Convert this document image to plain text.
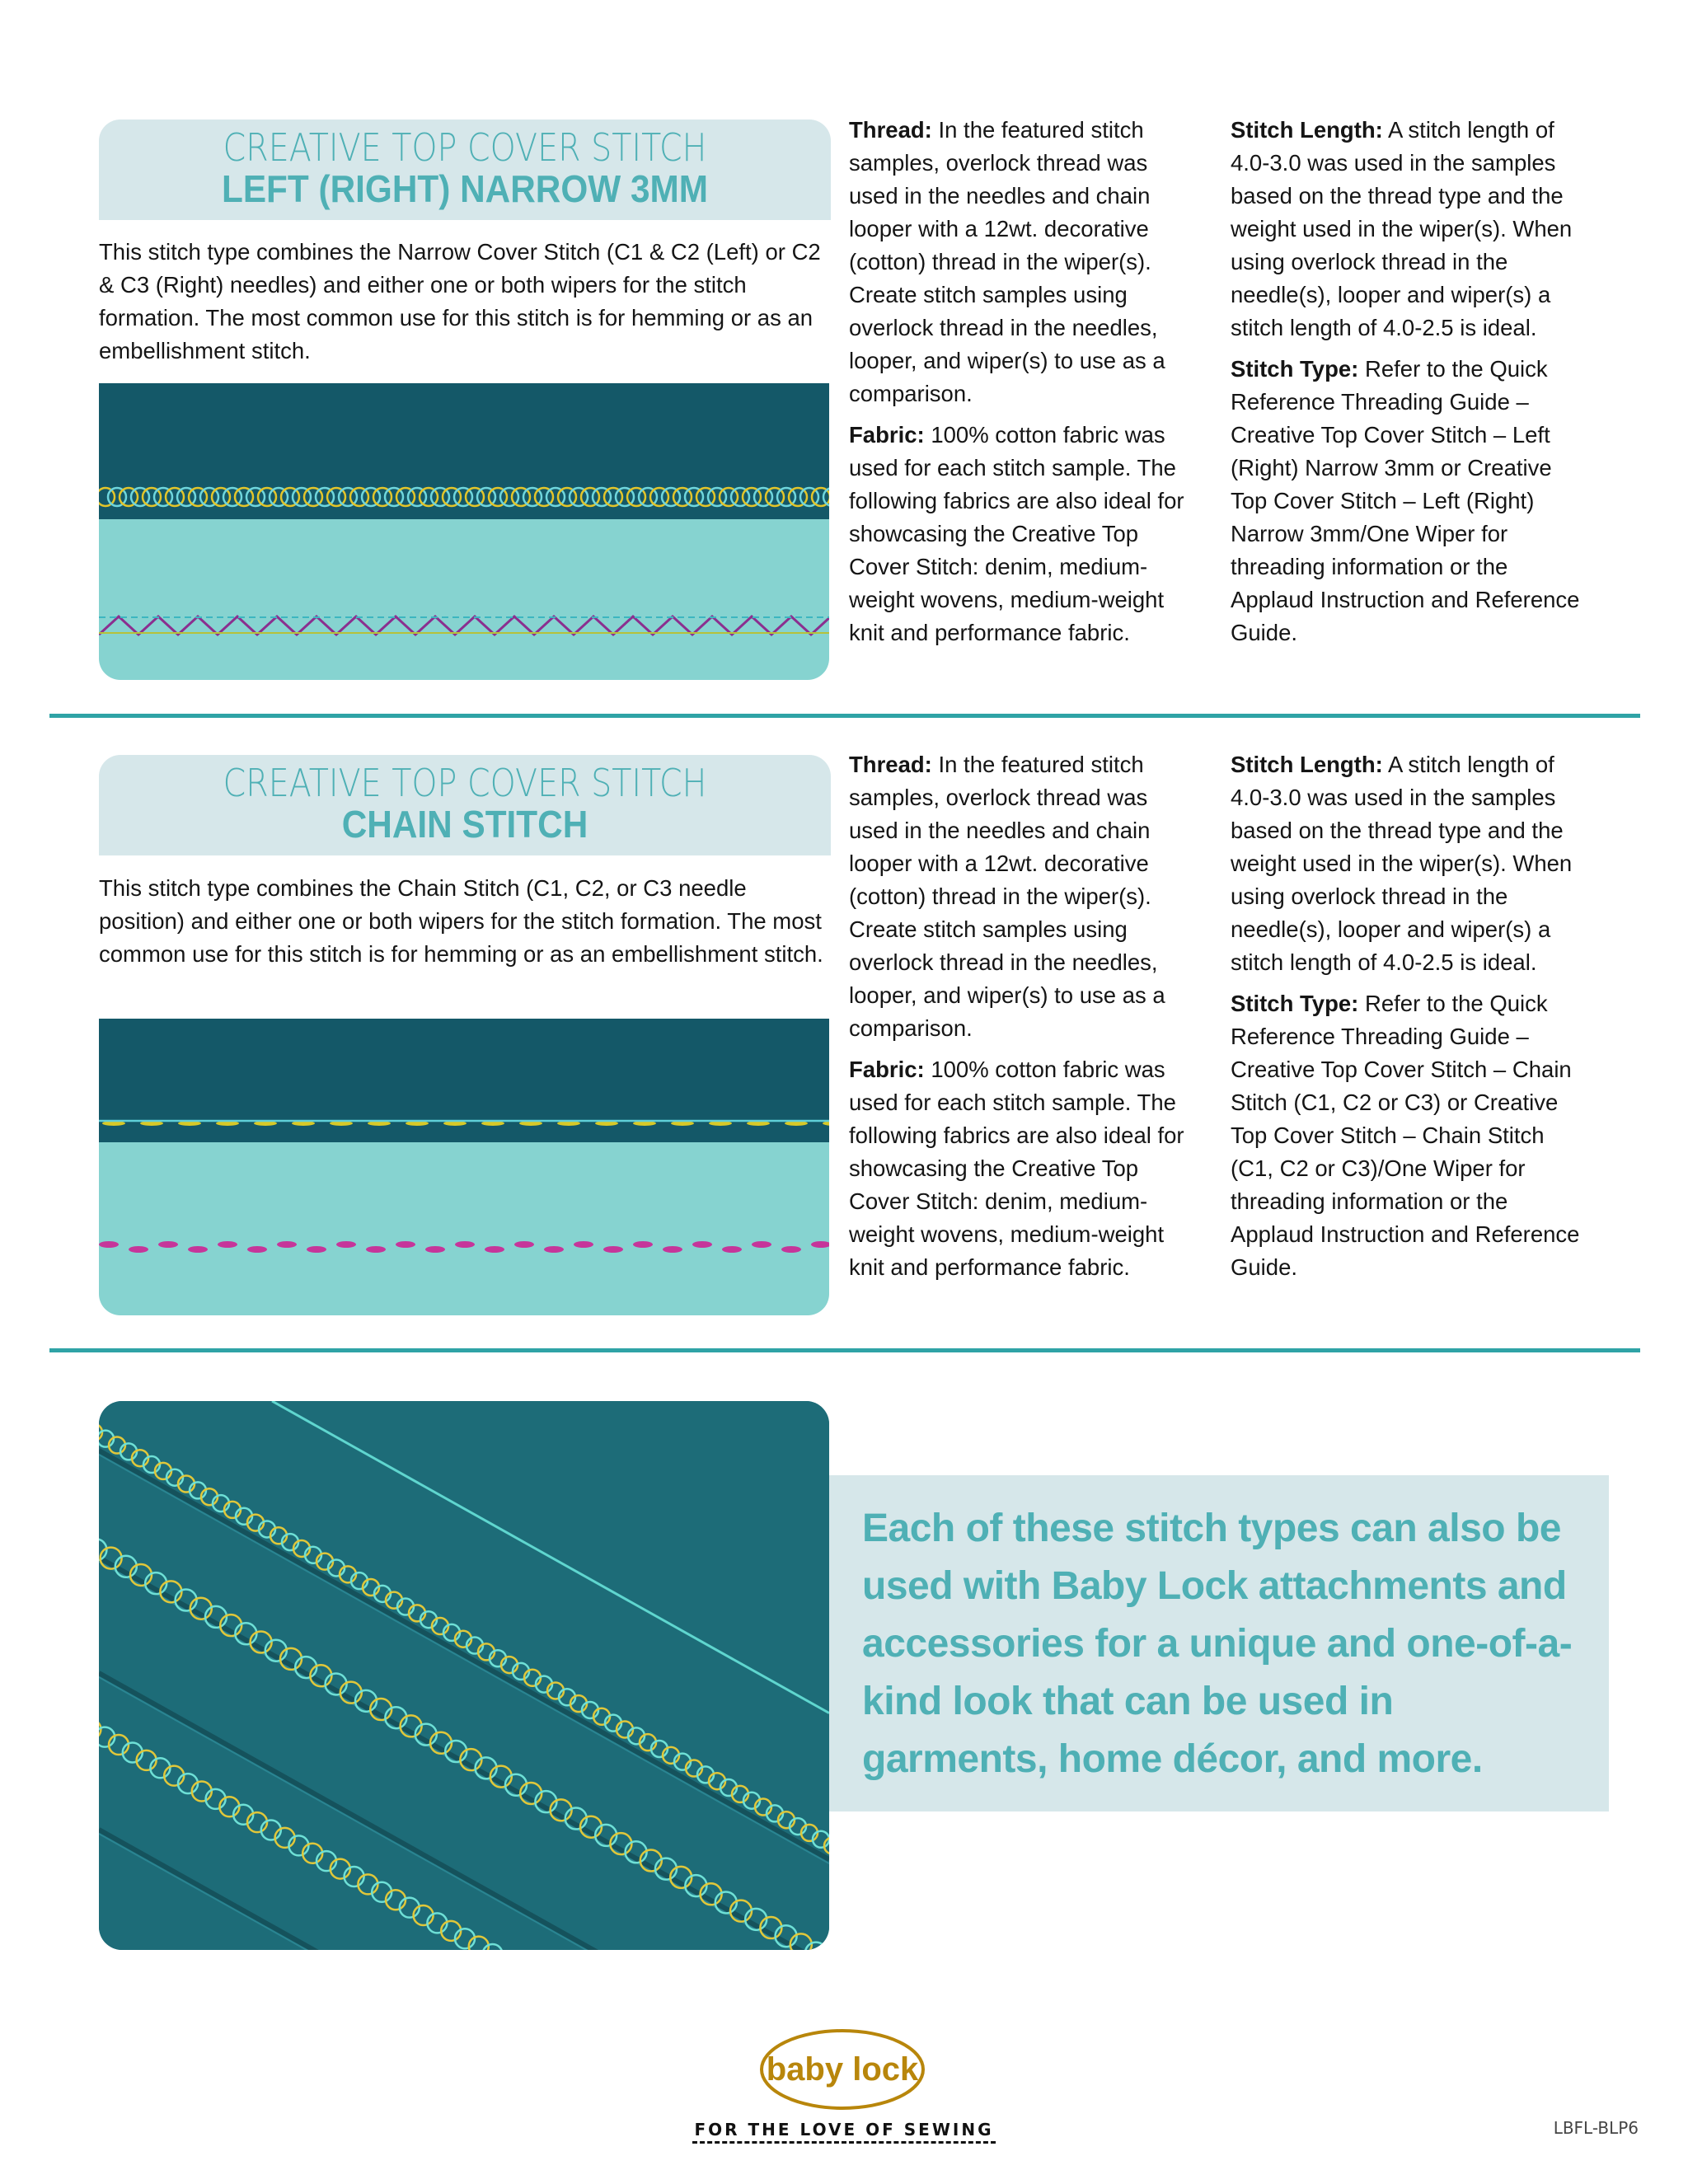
CREATIVE TOP COVER STITCH
LEFT (RIGHT) NARROW 3MM
This stitch type combines the Narrow Cover Stitch (C1 & C2 (Left) or C2 & C3 (Right) needles) and either one or both wipers for the stitch formation. The most common use for this stitch is for hemming or as an embellishment stitch.

Thread: In the featured stitch samples, overlock thread was used in the needles and chain looper with a 12wt. decorative (cotton) thread in the wiper(s). Create stitch samples using overlock thread in the needles, looper, and wiper(s) to use as a comparison.

Fabric: 100% cotton fabric was used for each stitch sample. The following fabrics are also ideal for showcasing the Creative Top Cover Stitch: denim, medium-weight wovens, medium-weight knit and performance fabric.

Stitch Length: A stitch length of 4.0-3.0 was used in the samples based on the thread type and the weight used in the wiper(s). When using overlock thread in the needle(s), looper and wiper(s) a stitch length of 4.0-2.5 is ideal.

Stitch Type: Refer to the Quick Reference Threading Guide – Creative Top Cover Stitch – Left (Right) Narrow 3mm or Creative Top Cover Stitch – Left (Right) Narrow 3mm/One Wiper for threading information or the Applaud Instruction and Reference Guide.

CREATIVE TOP COVER STITCH
CHAIN STITCH
This stitch type combines the Chain Stitch (C1, C2, or C3 needle position) and either one or both wipers for the stitch formation. The most common use for this stitch is for hemming or as an embellishment stitch.

Thread: In the featured stitch samples, overlock thread was used in the needles and chain looper with a 12wt. decorative (cotton) thread in the wiper(s). Create stitch samples using overlock thread in the needles, looper, and wiper(s) to use as a comparison.

Fabric: 100% cotton fabric was used for each stitch sample. The following fabrics are also ideal for showcasing the Creative Top Cover Stitch: denim, medium-weight wovens, medium-weight knit and performance fabric.

Stitch Length: A stitch length of 4.0-3.0 was used in the samples based on the thread type and the weight used in the wiper(s). When using overlock thread in the needle(s), looper and wiper(s) a stitch length of 4.0-2.5 is ideal.

Stitch Type: Refer to the Quick Reference Threading Guide – Creative Top Cover Stitch – Chain Stitch (C1, C2 or C3) or Creative Top Cover Stitch – Chain Stitch (C1, C2 or C3)/One Wiper for threading information or the Applaud Instruction and Reference Guide.

Each of these stitch types can also be used with Baby Lock attachments and accessories for a unique and one-of-a-kind look that can be used in garments, home décor, and more.
baby lock
FOR THE LOVE OF SEWING	LBFL-BLP6
